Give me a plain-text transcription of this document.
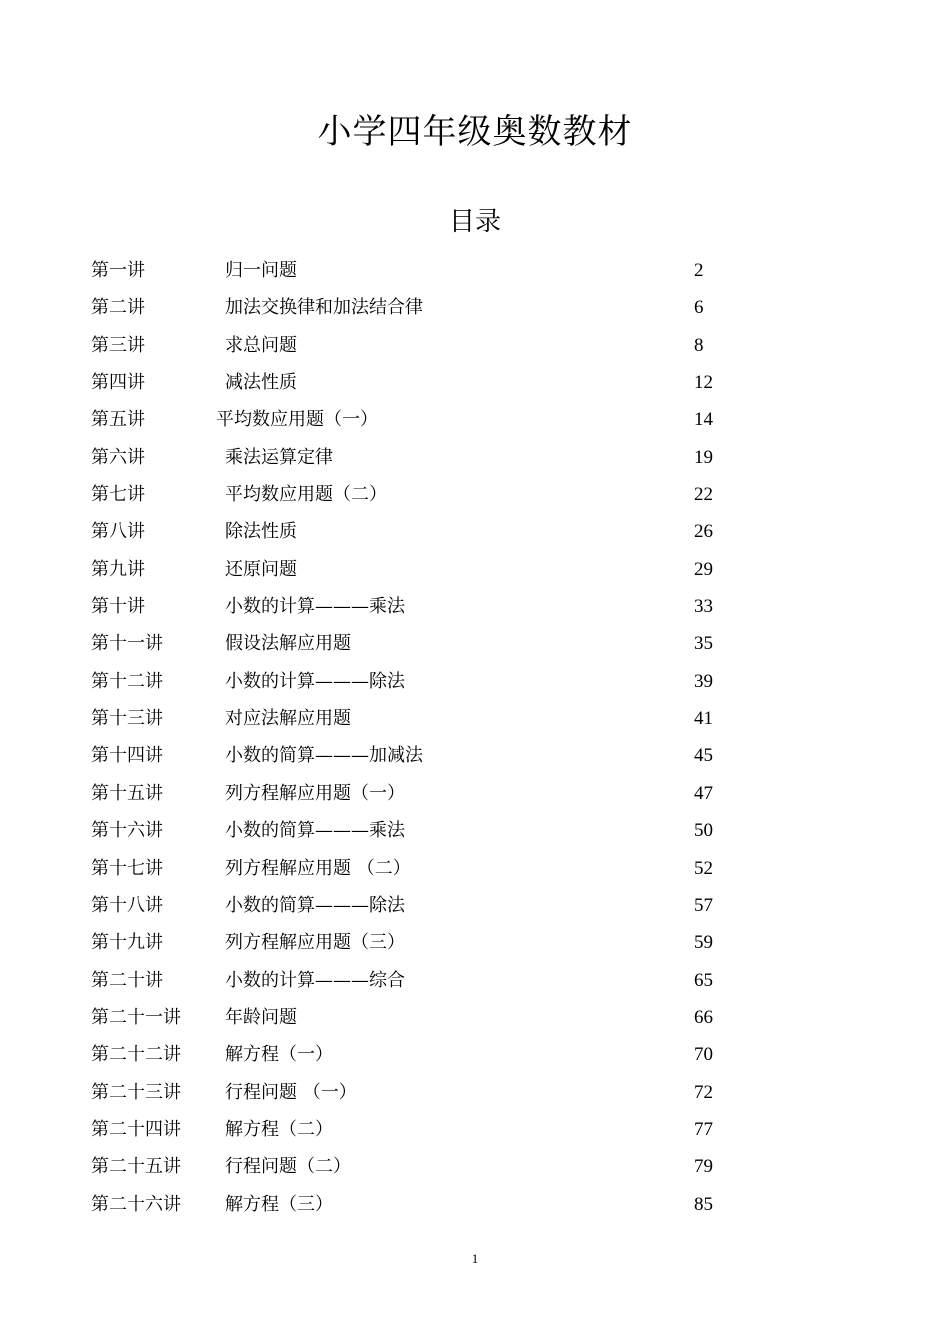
小学四年级奥数教材
目录
第一讲	归一问题	2
第二讲	加法交换律和加法结合律	6
第三讲	求总问题	8
第四讲	减法性质	12
第五讲	平均数应用题（一）	14
第六讲	乘法运算定律	19
第七讲	平均数应用题（二）	22
第八讲	除法性质	26
第九讲	还原问题	29
第十讲	小数的计算———乘法	33
第十一讲	假设法解应用题	35
第十二讲	小数的计算———除法	39
第十三讲	对应法解应用题	41
第十四讲	小数的简算———加减法	45
第十五讲	列方程解应用题（一）	47
第十六讲	小数的简算———乘法	50
第十七讲	列方程解应用题 （二）	52
第十八讲	小数的简算———除法	57
第十九讲	列方程解应用题（三）	59
第二十讲	小数的计算———综合	65
第二十一讲 年龄问题	66
第二十二讲 解方程（一）	70
第二十三讲 行程问题 （一）	72
第二十四讲 解方程（二）	77
第二十五讲 行程问题（二）	79
第二十六讲 解方程（三）	85
1
